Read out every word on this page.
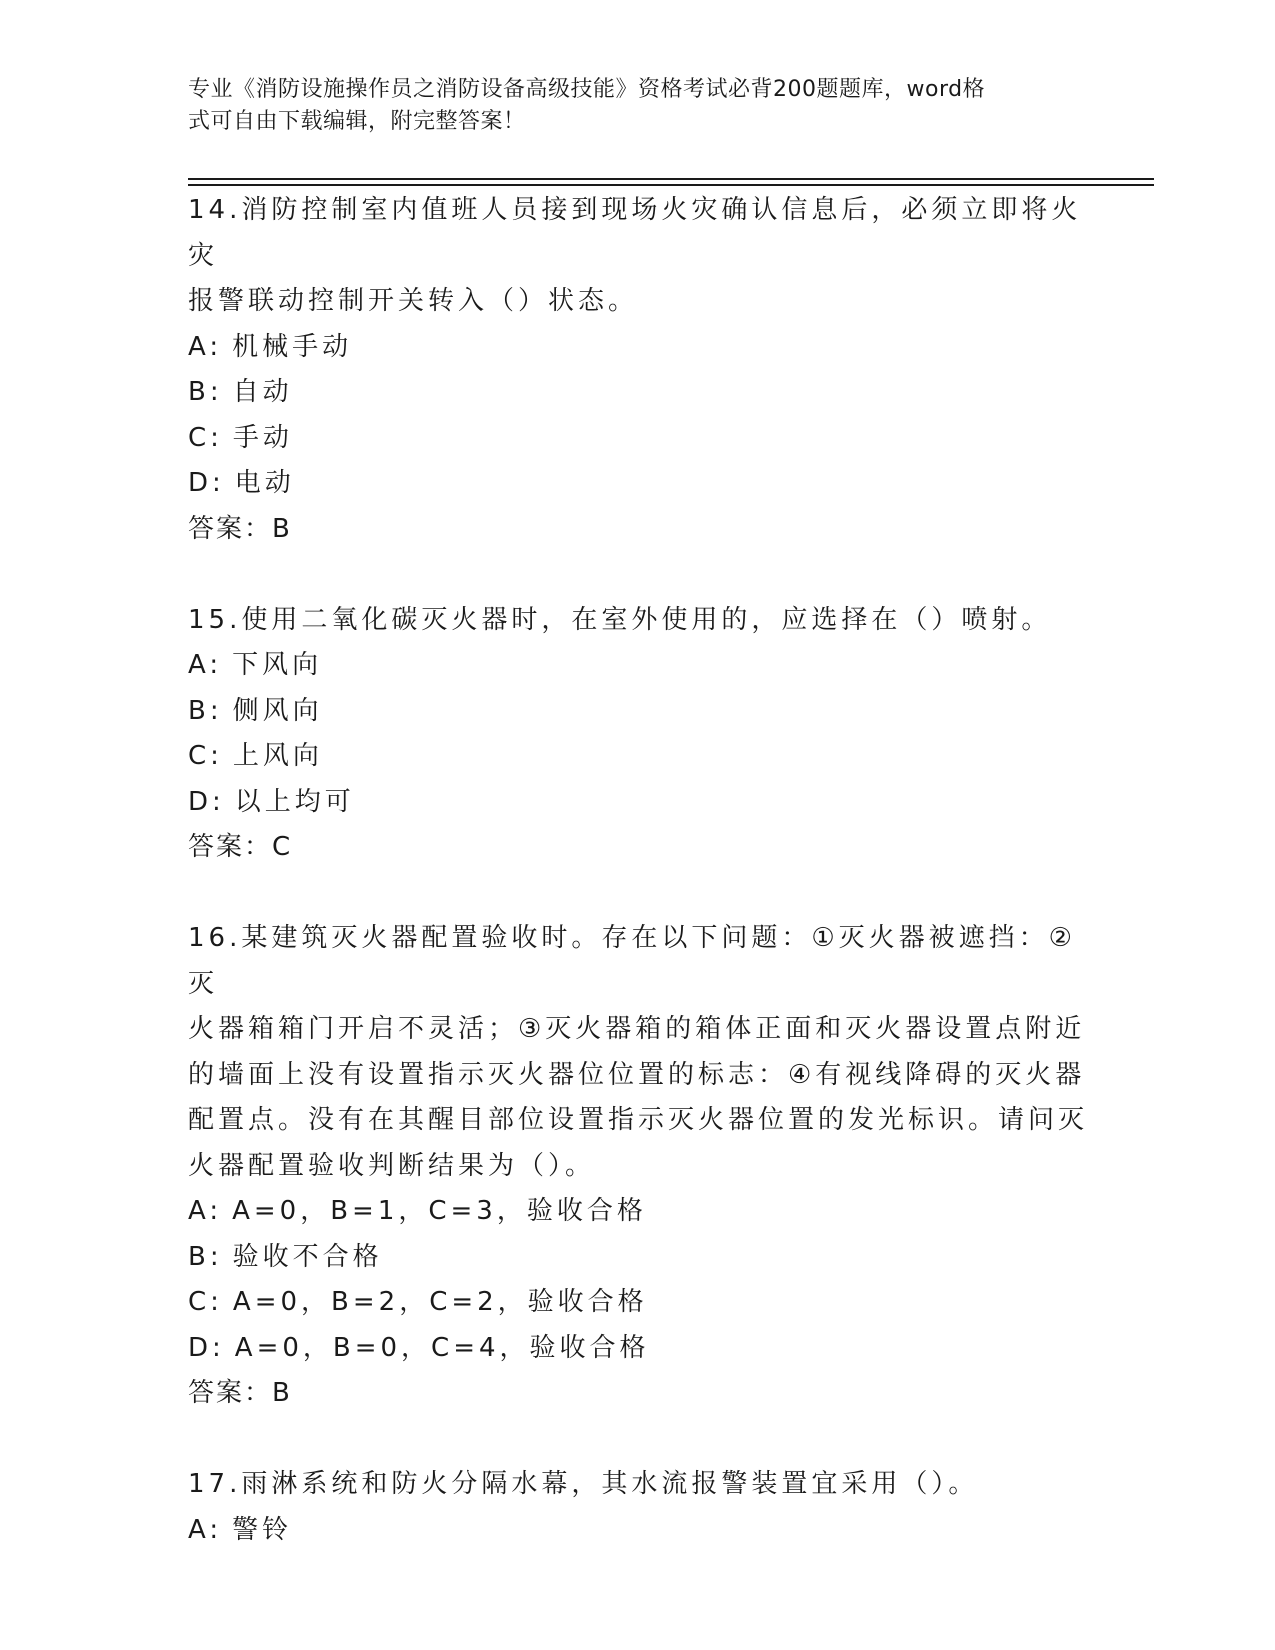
专业《消防设施操作员之消防设备高级技能》资格考试必背200题题库，word格
式可自由下载编辑，附完整答案！

14.消防控制室内值班人员接到现场火灾确认信息后，必须立即将火灾

报警联动控制开关转入（）状态。

A: 机械手动

B: 自动

C: 手动

D: 电动

答案：B

15.使用二氧化碳灭火器时，在室外使用的，应选择在（）喷射。

A: 下风向

B: 侧风向

C: 上风向

D: 以上均可

答案：C

16.某建筑灭火器配置验收时。存在以下问题：①灭火器被遮挡：②灭

火器箱箱门开启不灵活；③灭火器箱的箱体正面和灭火器设置点附近

的墙面上没有设置指示灭火器位位置的标志：④有视线降碍的灭火器

配置点。没有在其醒目部位设置指示灭火器位置的发光标识。请问灭

火器配置验收判断结果为（）。

A: A=0，B=1，C=3，验收合格

B: 验收不合格

C: A=0，B=2，C=2，验收合格

D: A=0，B=0，C=4，验收合格

答案：B

17.雨淋系统和防火分隔水幕，其水流报警装置宜采用（）。

A: 警铃
